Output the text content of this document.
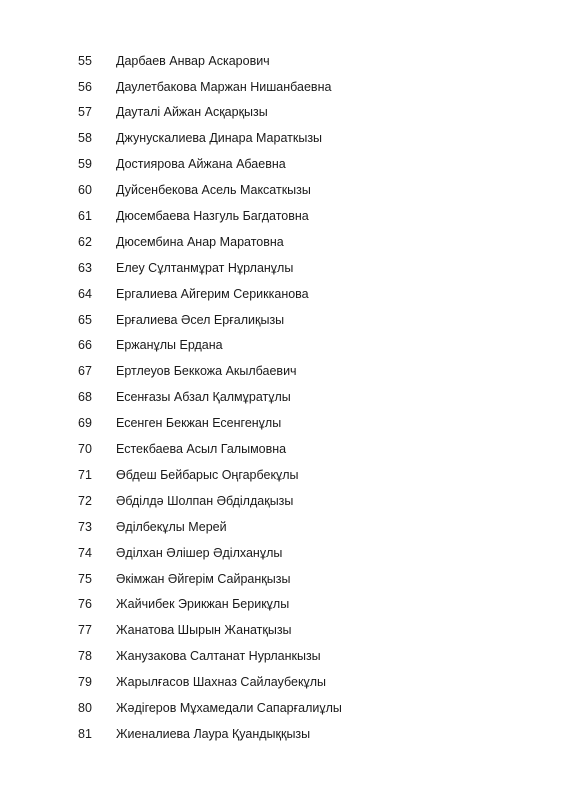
55	Дарбаев Анвар Аскарович
56	Даулетбакова Маржан Нишанбаевна
57	Дауталі Айжан Асқарқызы
58	Джунускалиева Динара Мараткызы
59	Достиярова Айжана Абаевна
60	Дуйсенбекова Асель Максаткызы
61	Дюсембаева Назгуль Багдатовна
62	Дюсембина Анар Маратовна
63	Елеу Сұлтанмұрат Нұрланұлы
64	Ергалиева Айгерим Серикканова
65	Ерғалиева Әсел Ерғалиқызы
66	Ержанұлы Ердана
67	Ертлеуов Беккожа Акылбаевич
68	Есенғазы Абзал Қалмұратұлы
69	Есенген Бекжан Есенгенұлы
70	Естекбаева Асыл Галымовна
71	Өбдеш Бейбарыс Оңгарбекұлы
72	Әбділдә Шолпан Әбділдақызы
73	Әділбекұлы Мерей
74	Әділхан Әлішер Әділханұлы
75	Әкімжан Әйгерім Сайранқызы
76	Жайчибек Эрикжан Берикұлы
77	Жанатова Шырын Жанатқызы
78	Жанузакова Салтанат Нурланкызы
79	Жарылғасов Шахназ Сайлаубекұлы
80	Жәдігеров Мұхамедали Сапарғалиұлы
81	Жиеналиева Лаура Қуандыққызы
